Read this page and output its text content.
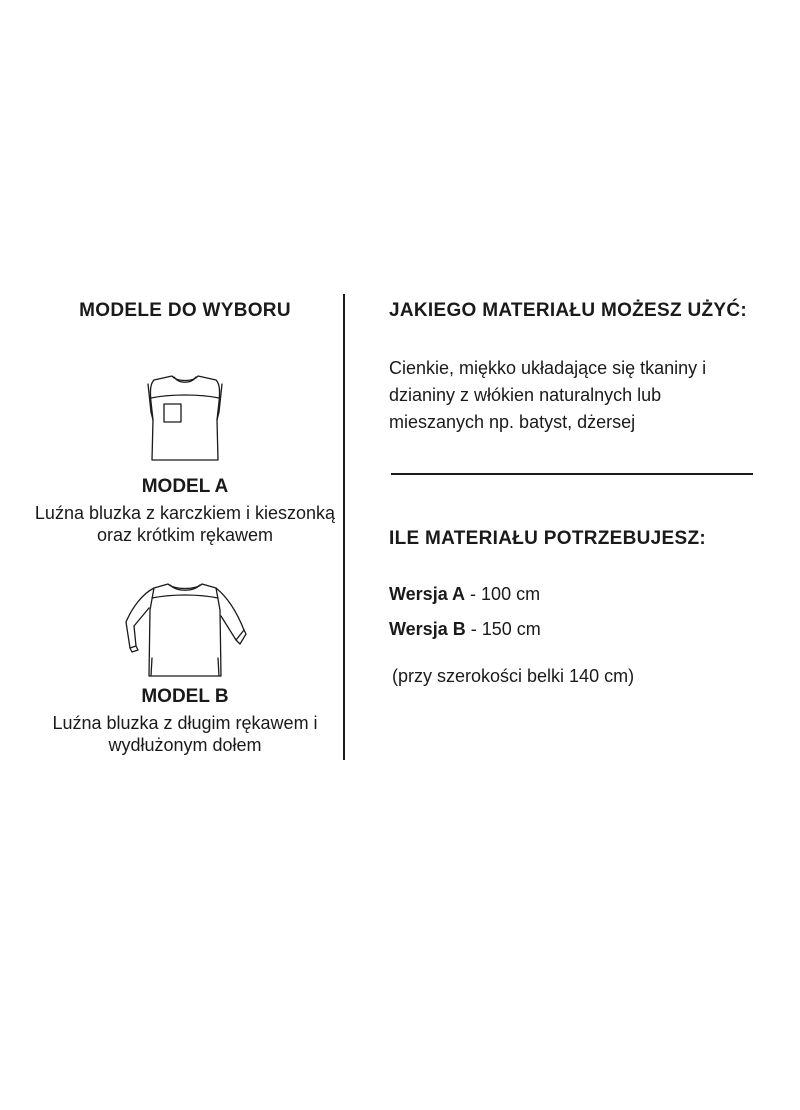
MODELE DO WYBORU

MODEL A

Luźna bluzka z karczkiem i kieszonką oraz krótkim rękawem

MODEL B

Luźna bluzka z długim rękawem i wydłużonym dołem

JAKIEGO MATERIAŁU MOŻESZ UŻYĆ:

Cienkie, miękko układające się tkaniny i dzianiny z włókien naturalnych lub mieszanych np. batyst, dżersej

ILE MATERIAŁU POTRZEBUJESZ:

Wersja A - 100 cm

Wersja B - 150 cm

(przy szerokości belki 140 cm)
